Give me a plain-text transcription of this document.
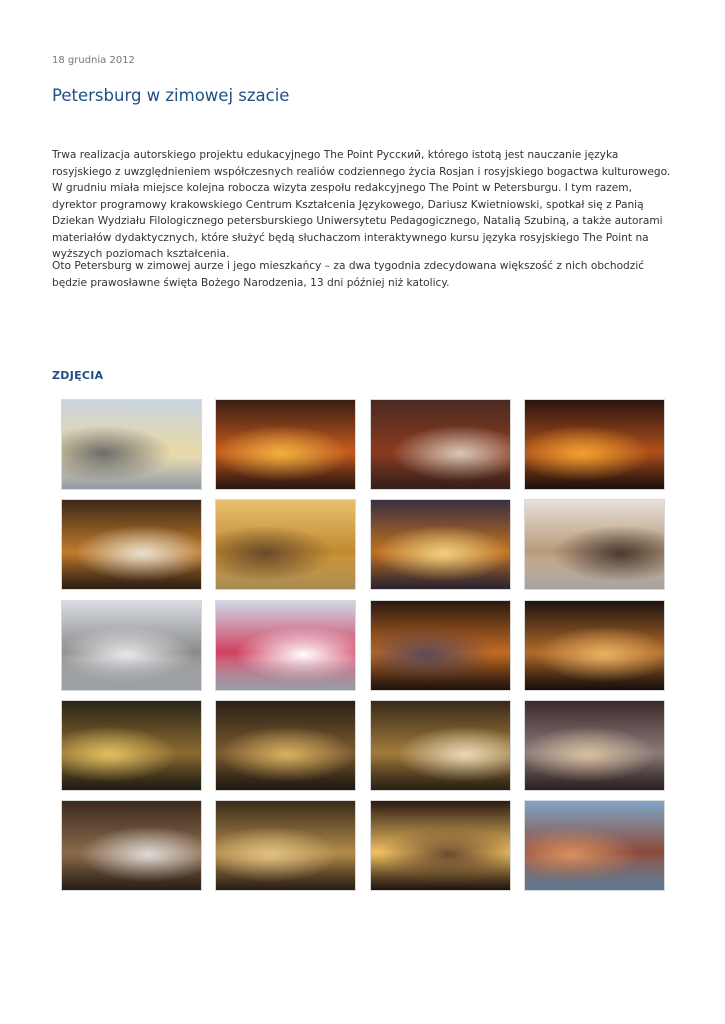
18 grudnia 2012
Petersburg w zimowej szacie

Trwa realizacja autorskiego projektu edukacyjnego The Point Русский, którego istotą jest nauczanie języka rosyjskiego z uwzględnieniem współczesnych realiów codziennego życia Rosjan i rosyjskiego bogactwa kulturowego. W grudniu miała miejsce kolejna robocza wizyta zespołu redakcyjnego The Point w Petersburgu. I tym razem, dyrektor programowy krakowskiego Centrum Kształcenia Językowego, Dariusz Kwietniowski, spotkał się z Panią Dziekan Wydziału Filologicznego petersburskiego Uniwersytetu Pedagogicznego, Natalią Szubiną, a także autorami materiałów dydaktycznych, które służyć będą słuchaczom interaktywnego kursu języka rosyjskiego The Point na wyższych poziomach kształcenia.

Oto Petersburg w zimowej aurze i jego mieszkańcy – za dwa tygodnia zdecydowana większość z nich obchodzić będzie prawosławne święta Bożego Narodzenia, 13 dni później niż katolicy.

ZDJĘCIA
